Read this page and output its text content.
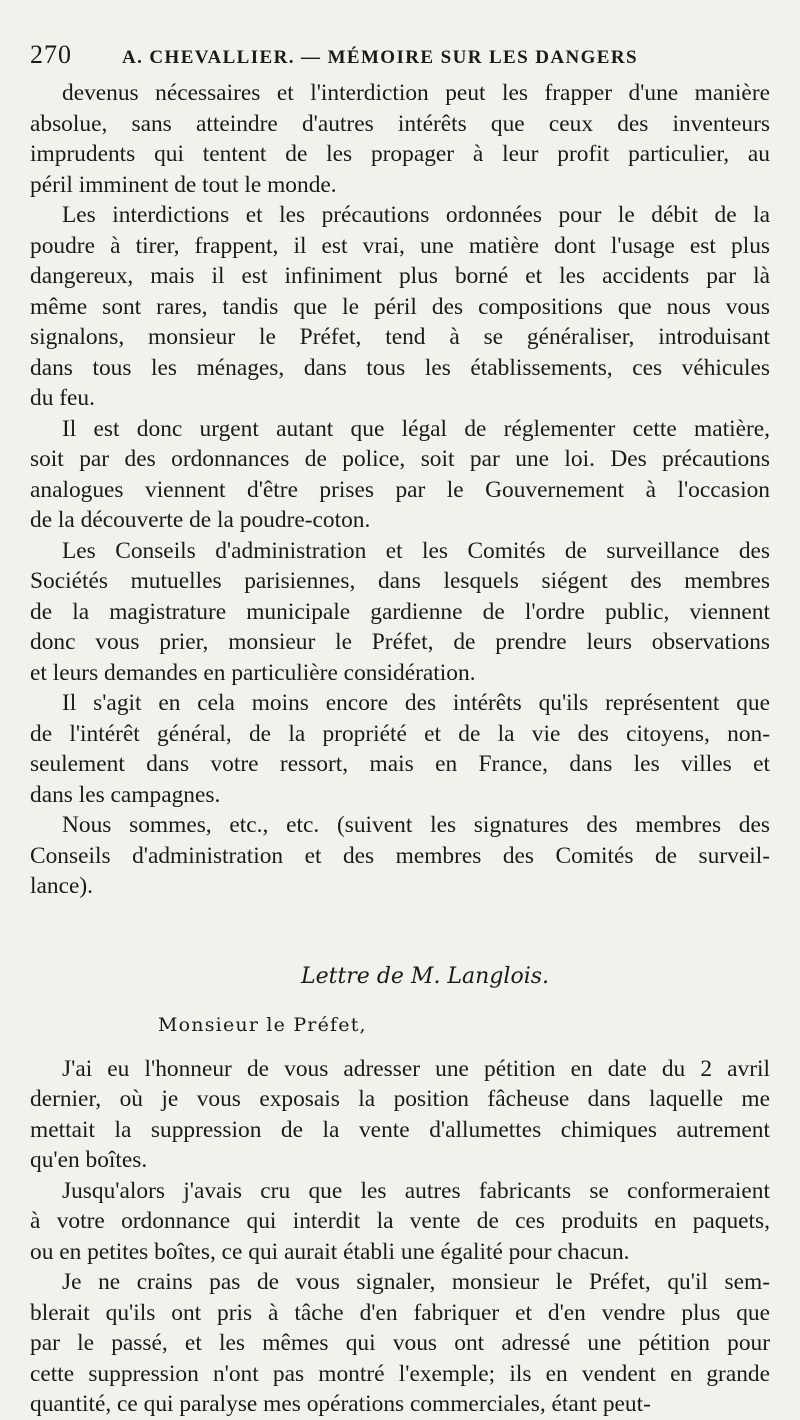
270	A. CHEVALLIER. — MÉMOIRE SUR LES DANGERS

devenus nécessaires et l'interdiction peut les frapper d'une manière
absolue, sans atteindre d'autres intérêts que ceux des inventeurs
imprudents qui tentent de les propager à leur profit particulier, au
péril imminent de tout le monde.

Les interdictions et les précautions ordonnées pour le débit de la
poudre à tirer, frappent, il est vrai, une matière dont l'usage est plus
dangereux, mais il est infiniment plus borné et les accidents par là
même sont rares, tandis que le péril des compositions que nous vous
signalons, monsieur le Préfet, tend à se généraliser, introduisant
dans tous les ménages, dans tous les établissements, ces véhicules
du feu.

Il est donc urgent autant que légal de réglementer cette matière,
soit par des ordonnances de police, soit par une loi. Des précautions
analogues viennent d'être prises par le Gouvernement à l'occasion
de la découverte de la poudre-coton.

Les Conseils d'administration et les Comités de surveillance des
Sociétés mutuelles parisiennes, dans lesquels siégent des membres
de la magistrature municipale gardienne de l'ordre public, viennent
donc vous prier, monsieur le Préfet, de prendre leurs observations
et leurs demandes en particulière considération.

Il s'agit en cela moins encore des intérêts qu'ils représentent que
de l'intérêt général, de la propriété et de la vie des citoyens, non-
seulement dans votre ressort, mais en France, dans les villes et
dans les campagnes.

Nous sommes, etc., etc. (suivent les signatures des membres des
Conseils d'administration et des membres des Comités de surveil-
lance).

Lettre de M. Langlois.
Monsieur le Préfet,

J'ai eu l'honneur de vous adresser une pétition en date du 2 avril
dernier, où je vous exposais la position fâcheuse dans laquelle me
mettait la suppression de la vente d'allumettes chimiques autrement
qu'en boîtes.

Jusqu'alors j'avais cru que les autres fabricants se conformeraient
à votre ordonnance qui interdit la vente de ces produits en paquets,
ou en petites boîtes, ce qui aurait établi une égalité pour chacun.

Je ne crains pas de vous signaler, monsieur le Préfet, qu'il sem-
blerait qu'ils ont pris à tâche d'en fabriquer et d'en vendre plus que
par le passé, et les mêmes qui vous ont adressé une pétition pour
cette suppression n'ont pas montré l'exemple; ils en vendent en grande
quantité, ce qui paralyse mes opérations commerciales, étant peut-
